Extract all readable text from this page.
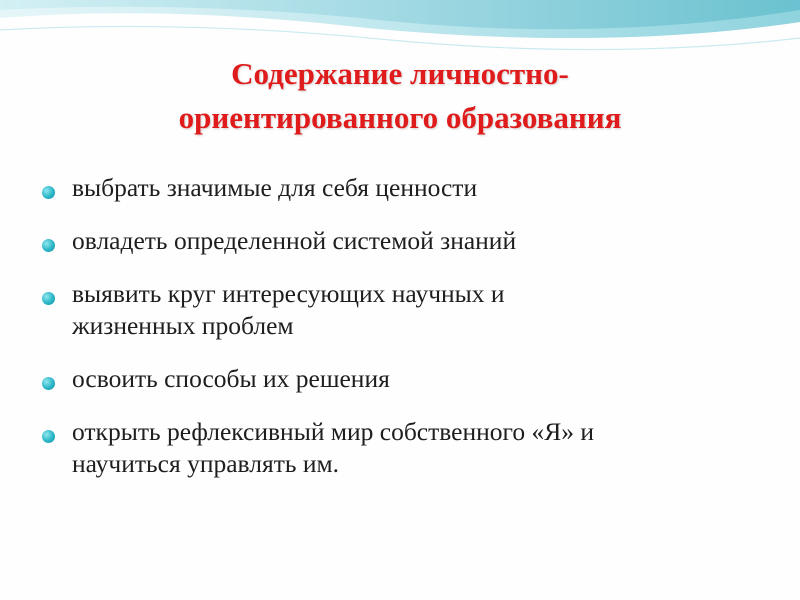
Содержание личностно-
ориентированного образования
выбрать значимые для себя ценности
овладеть определенной системой знаний
выявить круг интересующих научных и
жизненных проблем
освоить способы их решения
открыть рефлексивный мир собственного «Я» и
научиться управлять им.
